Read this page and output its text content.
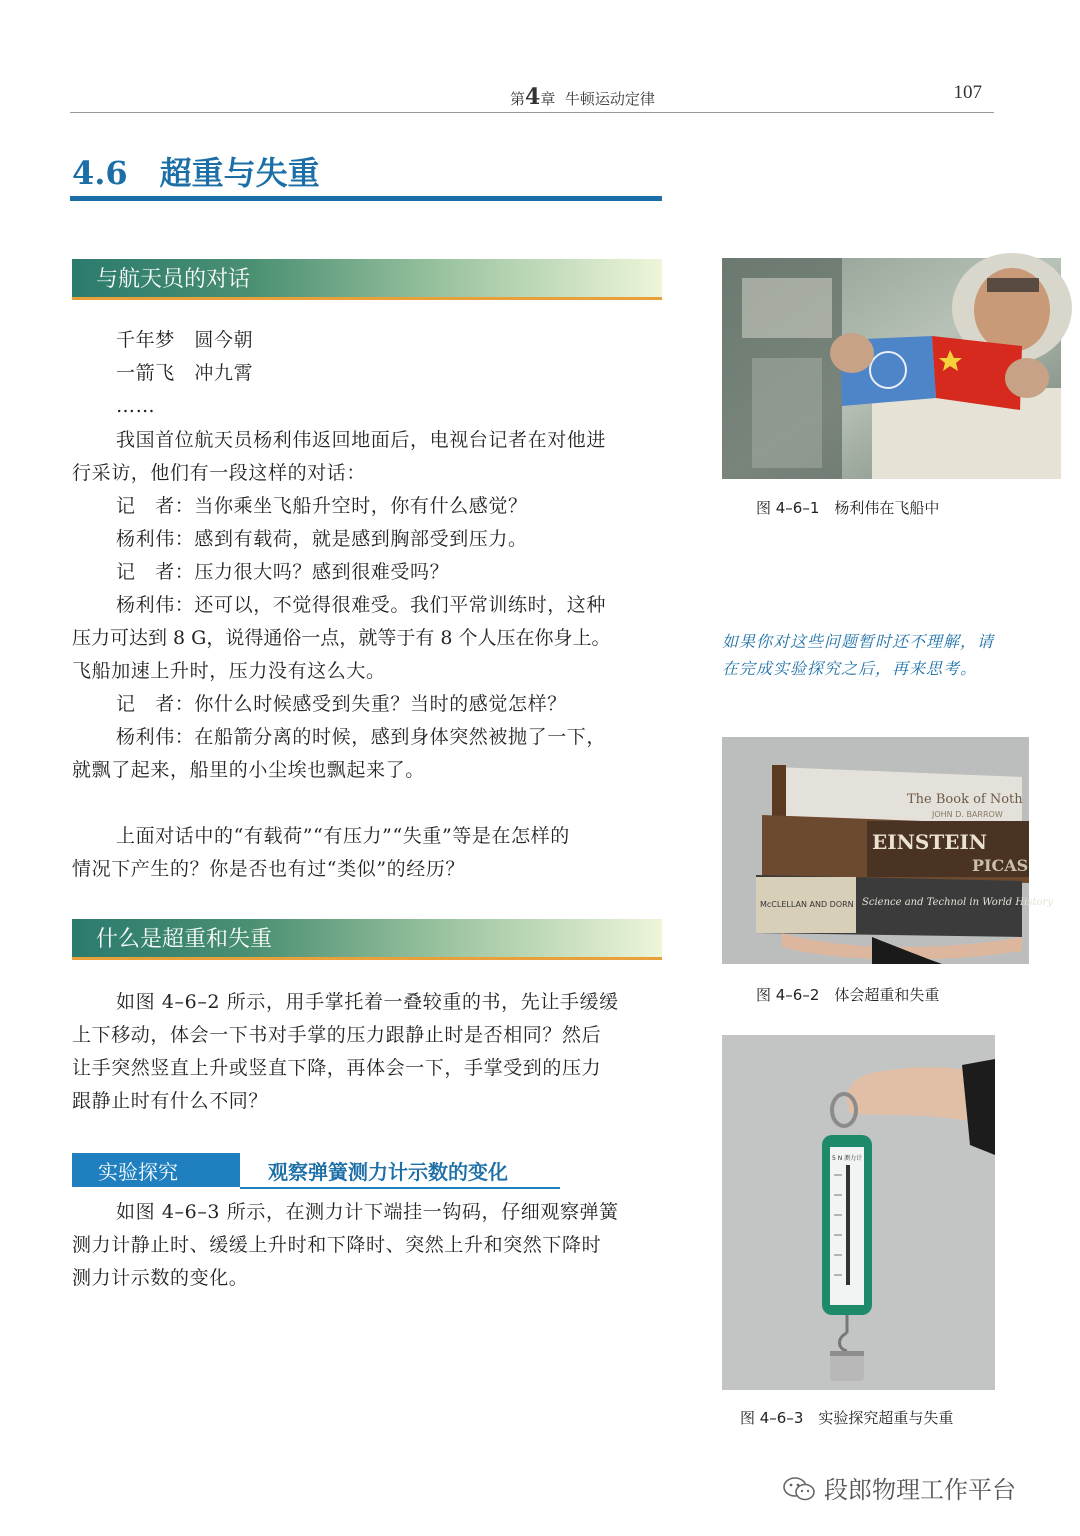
第4章 牛顿运动定律	107
4.6 超重与失重
与航天员的对话
千年梦　圆今朝
一箭飞　冲九霄
……
我国首位航天员杨利伟返回地面后，电视台记者在对他进
行采访，他们有一段这样的对话：
记　者：当你乘坐飞船升空时，你有什么感觉？
杨利伟：感到有载荷，就是感到胸部受到压力。
记　者：压力很大吗？感到很难受吗？
杨利伟：还可以，不觉得很难受。我们平常训练时，这种
压力可达到 8 G，说得通俗一点，就等于有 8 个人压在你身上。
飞船加速上升时，压力没有这么大。
记　者：你什么时候感受到失重？当时的感觉怎样？
杨利伟：在船箭分离的时候，感到身体突然被抛了一下，
就飘了起来，船里的小尘埃也飘起来了。
上面对话中的“有载荷”“有压力”“失重”等是在怎样的
情况下产生的？你是否也有过“类似”的经历？
什么是超重和失重
如图 4–6–2 所示，用手掌托着一叠较重的书，先让手缓缓
上下移动，体会一下书对手掌的压力跟静止时是否相同？然后
让手突然竖直上升或竖直下降，再体会一下，手掌受到的压力
跟静止时有什么不同？
实验探究	观察弹簧测力计示数的变化
如图 4–6–3 所示，在测力计下端挂一钩码，仔细观察弹簧
测力计静止时、缓缓上升时和下降时、突然上升和突然下降时
测力计示数的变化。
图 4–6–1　杨利伟在飞船中
如果你对这些问题暂时还不理解，请在完成实验探究之后，再来思考。
The Book of Noth
JOHN D. BARROW
EINSTEIN
PICAS
McCLELLAN AND DORN Science and Technol in World History
图 4–6–2　体会超重和失重
5 N 测力计
图 4–6–3　实验探究超重与失重
段郎物理工作平台
